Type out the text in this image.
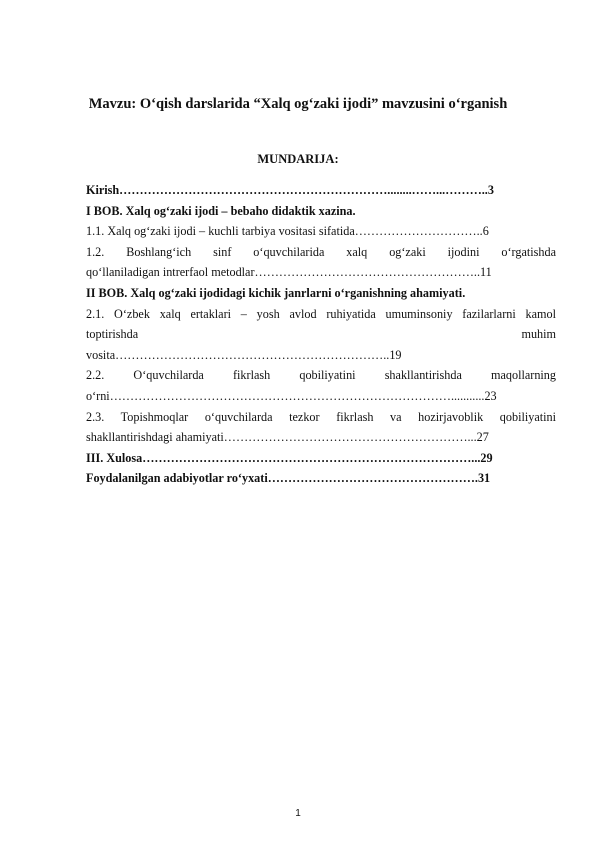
Mavzu: O‘qish darslarida “Xalq og‘zaki ijodi” mavzusini o‘rganish
MUNDARIJA:
Kirish…………………………………………………………........……...………..3
I BOB. Xalq og‘zaki ijodi – bebaho didaktik xazina.
1.1. Xalq og‘zaki ijodi – kuchli tarbiya vositasi sifatida…………………………..6
1.2. Boshlang‘ich sinf o‘quvchilarida xalq og‘zaki ijodini o‘rgatishda
qo‘llaniladigan intrerfaol metodlar………………………………………………..11
II BOB. Xalq og‘zaki ijodidagi kichik janrlarni o‘rganishning ahamiyati.
2.1. O‘zbek xalq ertaklari – yosh avlod ruhiyatida umuminsoniy fazilarlarni kamol
toptirishda muhim
vosita…………………………………………………………..19
2.2. O‘quvchilarda fikrlash qobiliyatini shakllantirishda maqollarning
o‘rni…………………………………………………………………………...........23
2.3. Topishmoqlar o‘quvchilarda tezkor fikrlash va hozirjavoblik qobiliyatini
shakllantirishdagi ahamiyati……………………………………………………...27
III. Xulosa………………………………………………………………………...29
Foydalanilgan adabiyotlar ro‘yxati…………………………………………….31
1
